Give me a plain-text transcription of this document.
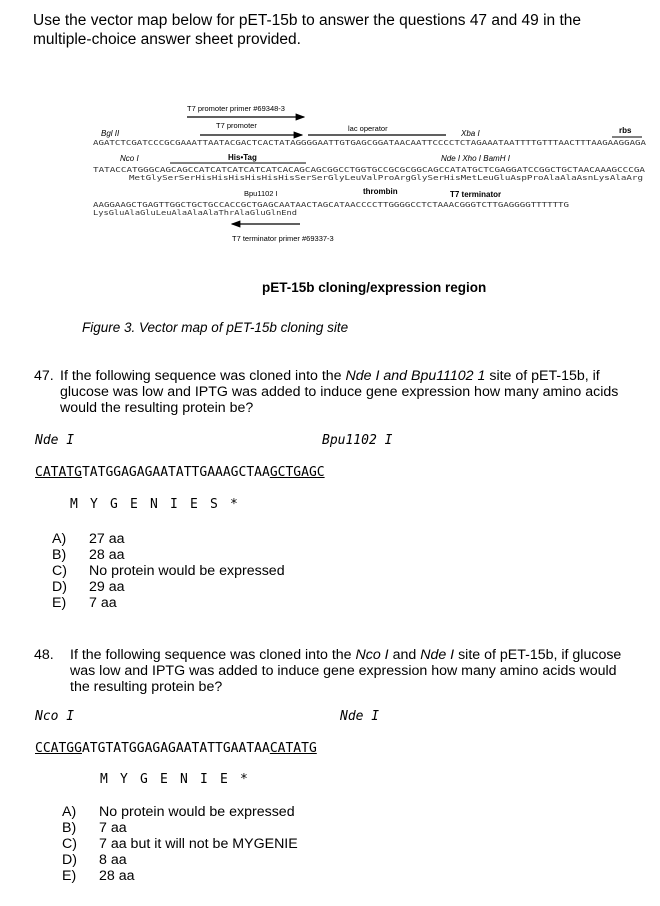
Use the vector map below for pET-15b to answer the questions 47 and 49 in the multiple-choice answer sheet provided.
T7 promoter primer #69348-3
T7 promoter	lac operator
Bgl II	Xba I	rbs
AGATCTCGATCCCGCGAAATTAATACGACTCACTATAGGGGAATTGTGAGCGGATAACAATTCCCCTCTAGAAATAATTTTGTTTAACTTTAAGAAGGAGA
Nco I	His•Tag	Nde I Xho I BamH I
TATACCATGGGCAGCAGCCATCATCATCATCATCACAGCAGCGGCCTGGTGCCGCGCGGCAGCCATATGCTCGAGGATCCGGCTGCTAACAAAGCCCGA
MetGlySerSerHisHisHisHisHisHisSerSerGlyLeuValProArgGlySerHisMetLeuGluAspProAlaAlaAsnLysAlaArg
Bpu1102 I	thrombin	T7 terminator
AAGGAAGCTGAGTTGGCTGCTGCCACCGCTGAGCAATAACTAGCATAACCCCTTGGGGCCTCTAAACGGGTCTTGAGGGGTTTTTTG
LysGluAlaGluLeuAlaAlaAlaThrAlaGluGlnEnd
T7 terminator primer #69337-3
pET-15b cloning/expression region
Figure 3. Vector map of pET-15b cloning site
47. If the following sequence was cloned into the Nde I and Bpu11102 1 site of pET-15b, if glucose was low and IPTG was added to induce gene expression how many amino acids would the resulting protein be?
Nde I	Bpu1102 I
CATATGTATGGAGAGAATATTGAAAGCTAAGCTGAGC
M Y G E N I E S *
A) 27 aa
B) 28 aa
C) No protein would be expressed
D) 29 aa
E) 7 aa
48.	If the following sequence was cloned into the Nco I and Nde I site of pET-15b, if glucose was low and IPTG was added to induce gene expression how many amino acids would the resulting protein be?
Nco I	Nde I
CCATGGATGTATGGAGAGAATATTGAATAACATATG
M Y G E N I E *
A) No protein would be expressed
B) 7 aa
C) 7 aa but it will not be MYGENIE
D) 8 aa
E) 28 aa
